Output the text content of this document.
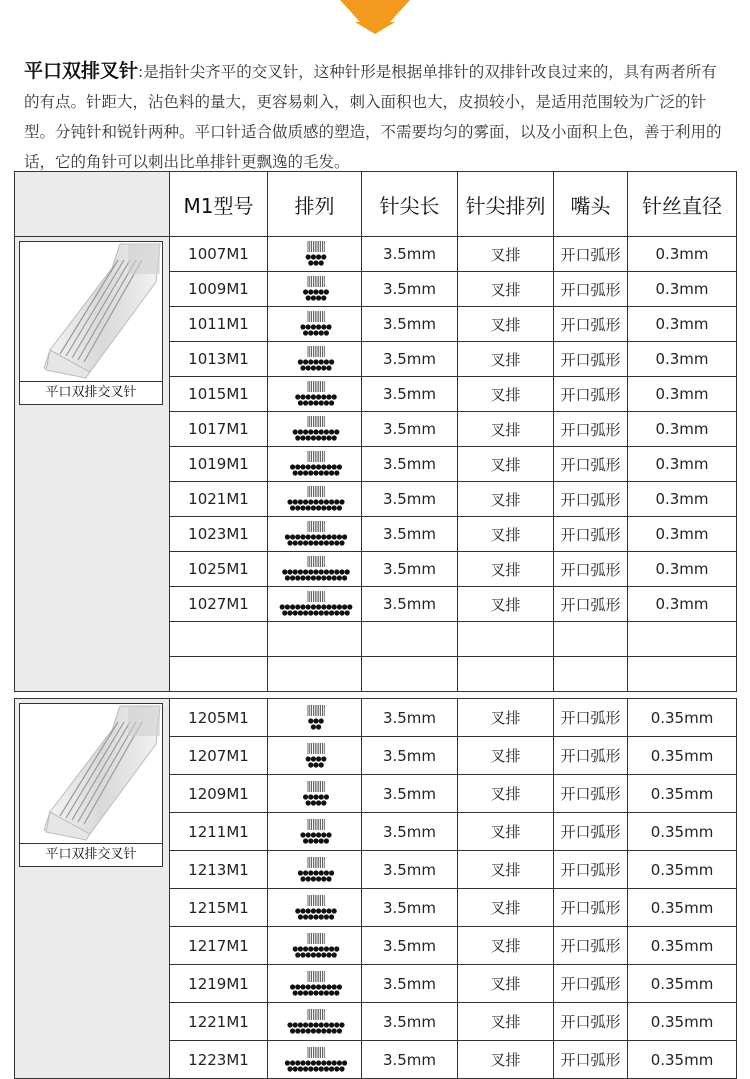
平口双排叉针:是指针尖齐平的交叉针，这种针形是根据单排针的双排针改良过来的，具有两者所有的有点。针距大，沾色料的量大，更容易刺入，刺入面积也大，皮损较小，是适用范围较为广泛的针型。分钝针和锐针两种。平口针适合做质感的塑造，不需要均匀的雾面，以及小面积上色，善于利用的话，它的角针可以刺出比单排针更飘逸的毛发。
	M1型号	排列	针尖长	针尖排列	嘴头	针丝直径

平口双排交叉针	1007M1		3.5mm	叉排	开口弧形	0.3mm
	1009M1		3.5mm	叉排	开口弧形	0.3mm
	1011M1		3.5mm	叉排	开口弧形	0.3mm
	1013M1		3.5mm	叉排	开口弧形	0.3mm
	1015M1		3.5mm	叉排	开口弧形	0.3mm
	1017M1		3.5mm	叉排	开口弧形	0.3mm
	1019M1		3.5mm	叉排	开口弧形	0.3mm
	1021M1		3.5mm	叉排	开口弧形	0.3mm
	1023M1		3.5mm	叉排	开口弧形	0.3mm
	1025M1		3.5mm	叉排	开口弧形	0.3mm
	1027M1		3.5mm	叉排	开口弧形	0.3mm

平口双排交叉针	1205M1		3.5mm	叉排	开口弧形	0.35mm
	1207M1		3.5mm	叉排	开口弧形	0.35mm
	1209M1		3.5mm	叉排	开口弧形	0.35mm
	1211M1		3.5mm	叉排	开口弧形	0.35mm
	1213M1		3.5mm	叉排	开口弧形	0.35mm
	1215M1		3.5mm	叉排	开口弧形	0.35mm
	1217M1		3.5mm	叉排	开口弧形	0.35mm
	1219M1		3.5mm	叉排	开口弧形	0.35mm
	1221M1		3.5mm	叉排	开口弧形	0.35mm
	1223M1		3.5mm	叉排	开口弧形	0.35mm
